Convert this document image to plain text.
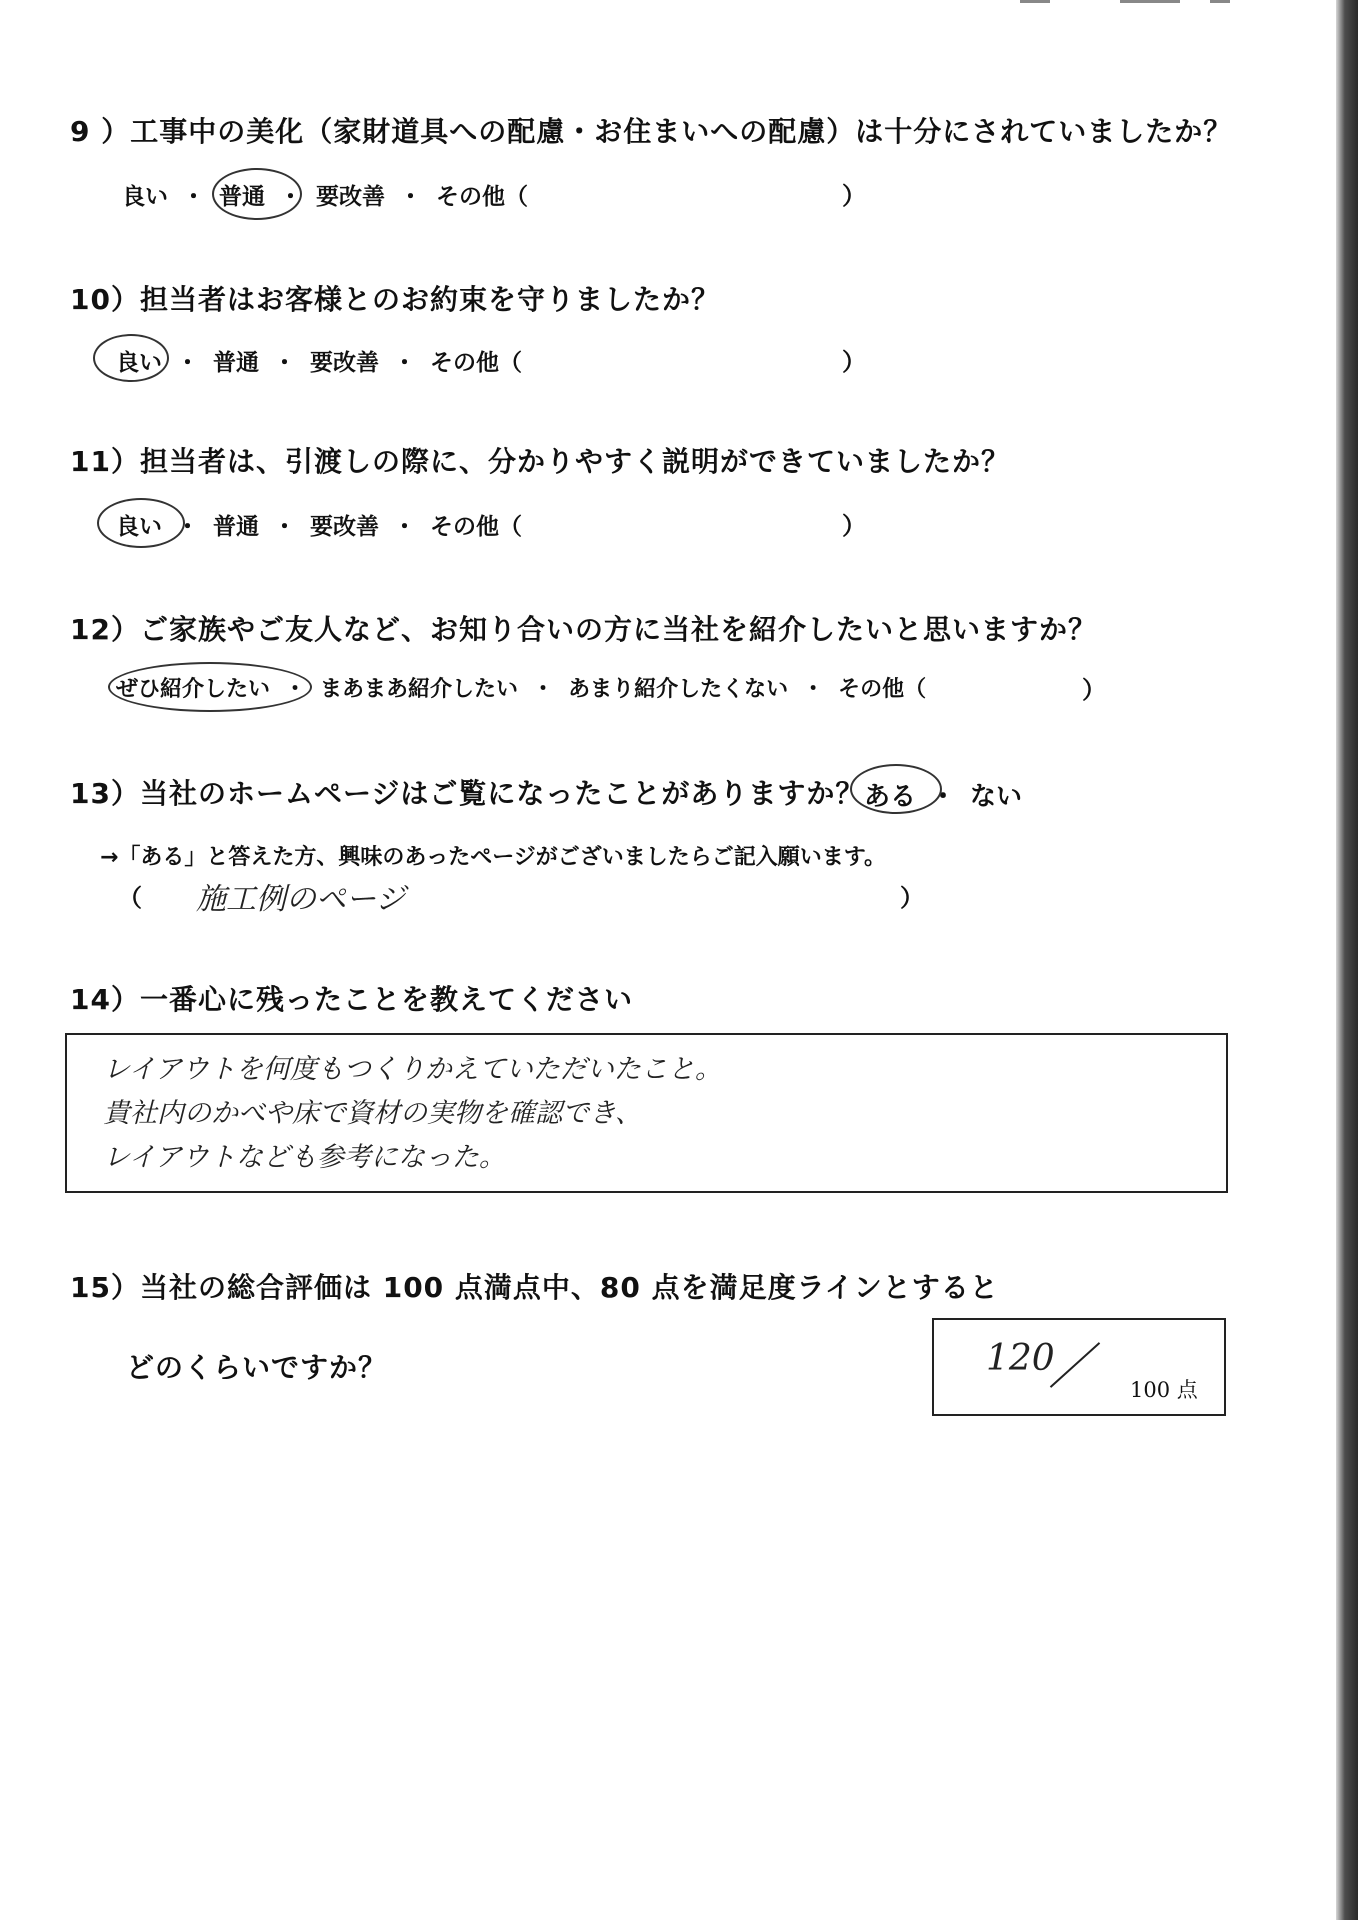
9 ）工事中の美化（家財道具への配慮・お住まいへの配慮）は十分にされていましたか？
良い ・ 普通 ・ 要改善 ・ その他（	）
10）担当者はお客様とのお約束を守りましたか？
良い ・ 普通 ・ 要改善 ・ その他（	）
11）担当者は、引渡しの際に、分かりやすく説明ができていましたか？
良い ・ 普通 ・ 要改善 ・ その他（	）
12）ご家族やご友人など、お知り合いの方に当社を紹介したいと思いますか？
ぜひ紹介したい ・ まあまあ紹介したい ・ あまり紹介したくない ・ その他（	）
13）当社のホームページはご覧になったことがありますか？ ある ・ ない
→「ある」と答えた方、興味のあったページがございましたらご記入願います。
（ 施工例のページ	）
14）一番心に残ったことを教えてください
レイアウトを何度もつくりかえていただいたこと。
貴社内のかべや床で資材の実物を確認でき、
レイアウトなども参考になった。
15）当社の総合評価は 100 点満点中、80 点を満足度ラインとすると
どのくらいですか？	120
100 点
